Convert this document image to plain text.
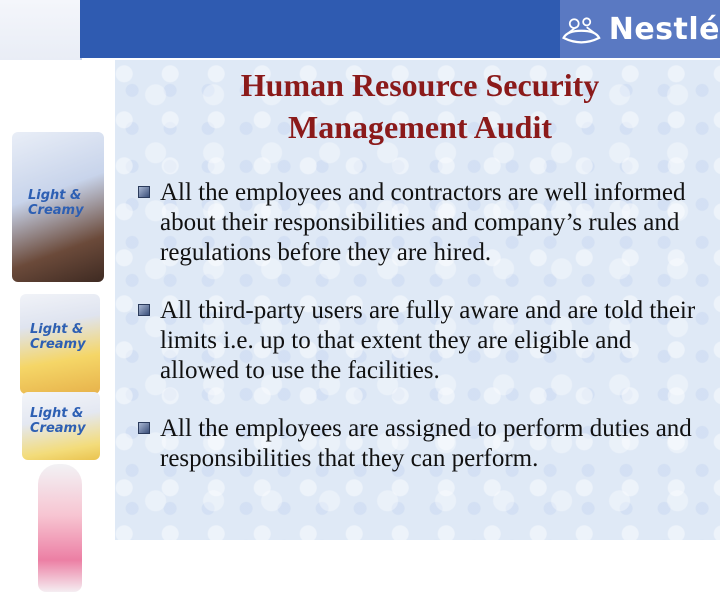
Nestlé
Light & Creamy
Light & Creamy
Light & Creamy
Human Resource Security
Management Audit
All the employees and contractors are well informed about their responsibilities and company’s rules and regulations before they are hired.
All third-party users are fully aware and are told their limits i.e. up to that extent they are eligible and allowed to use the facilities.
All the employees are assigned to perform duties and responsibilities that they can perform.
